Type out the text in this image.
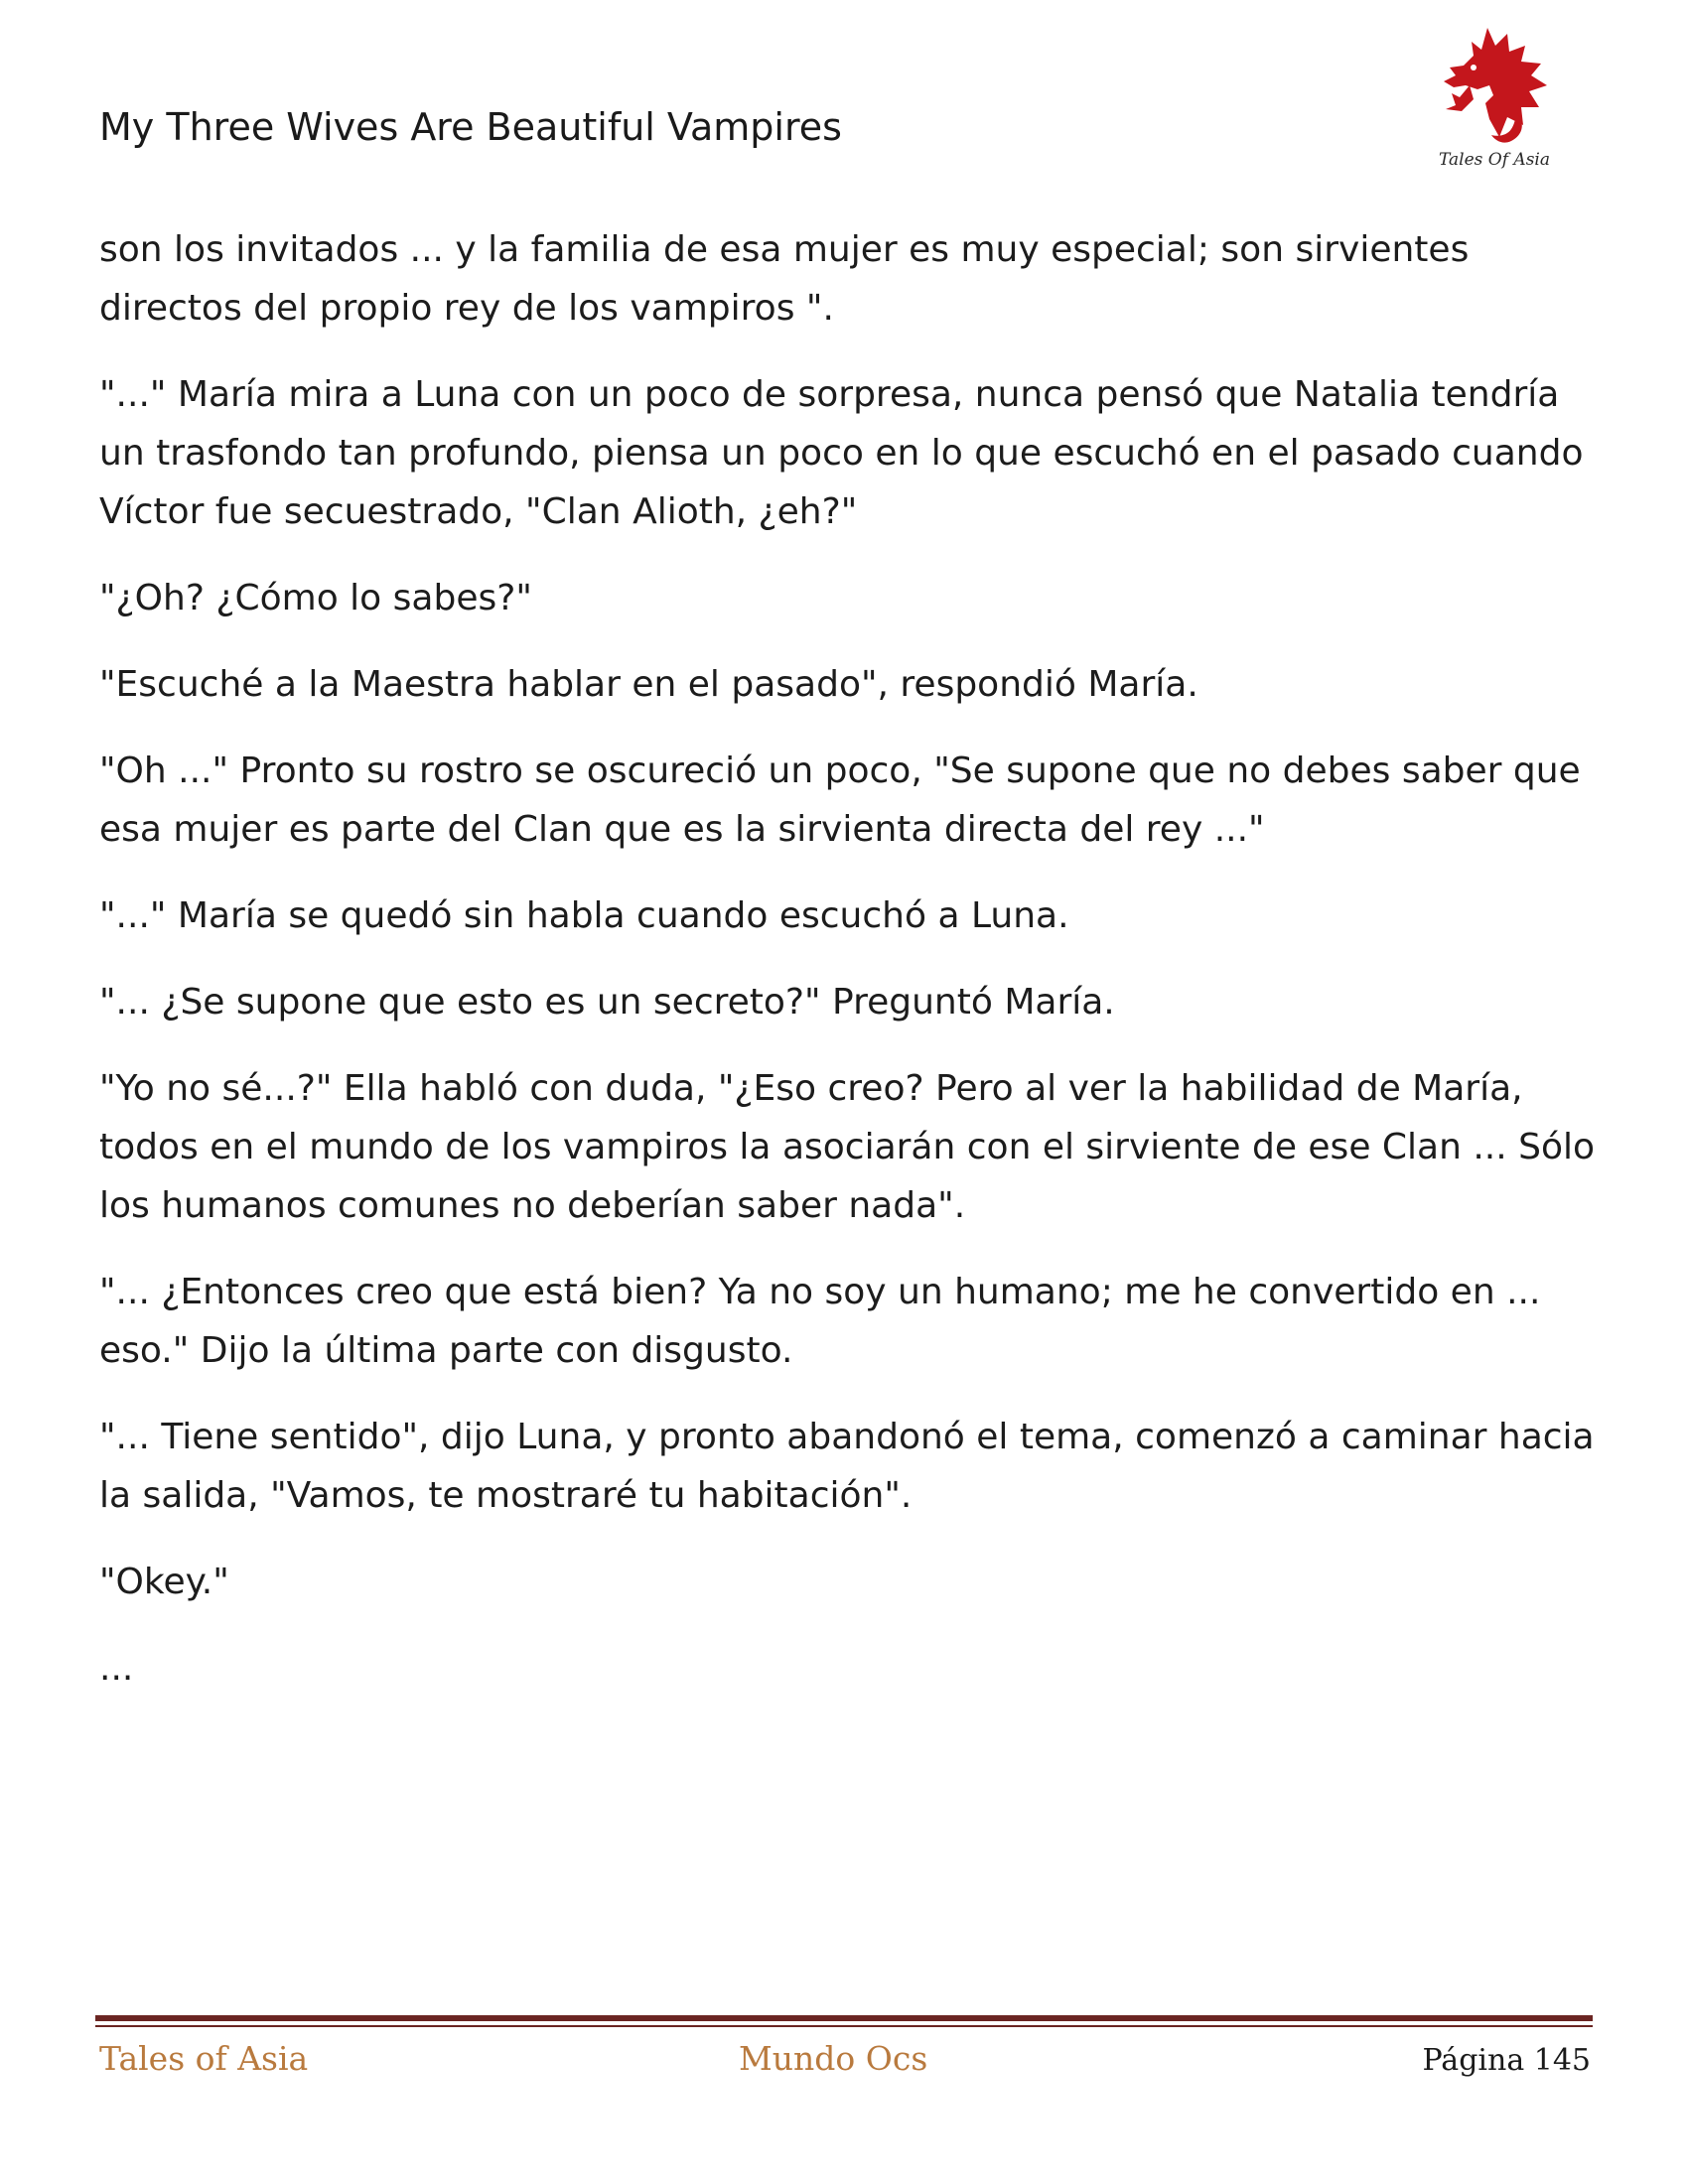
My Three Wives Are Beautiful Vampires
Tales Of Asia

son los invitados ... y la familia de esa mujer es muy especial; son sirvientes directos del propio rey de los vampiros ".

"..." María mira a Luna con un poco de sorpresa, nunca pensó que Natalia tendría un trasfondo tan profundo, piensa un poco en lo que escuchó en el pasado cuando Víctor fue secuestrado, "Clan Alioth, ¿eh?"

"¿Oh? ¿Cómo lo sabes?"

"Escuché a la Maestra hablar en el pasado", respondió María.

"Oh ..." Pronto su rostro se oscureció un poco, "Se supone que no debes saber que esa mujer es parte del Clan que es la sirvienta directa del rey ..."

"..." María se quedó sin habla cuando escuchó a Luna.

"... ¿Se supone que esto es un secreto?" Preguntó María.

"Yo no sé...?" Ella habló con duda, "¿Eso creo? Pero al ver la habilidad de María, todos en el mundo de los vampiros la asociarán con el sirviente de ese Clan ... Sólo los humanos comunes no deberían saber nada".

"... ¿Entonces creo que está bien? Ya no soy un humano; me he convertido en ... eso." Dijo la última parte con disgusto.

"... Tiene sentido", dijo Luna, y pronto abandonó el tema, comenzó a caminar hacia la salida, "Vamos, te mostraré tu habitación".

"Okey."

...

Tales of Asia	Mundo Ocs	Página 145
